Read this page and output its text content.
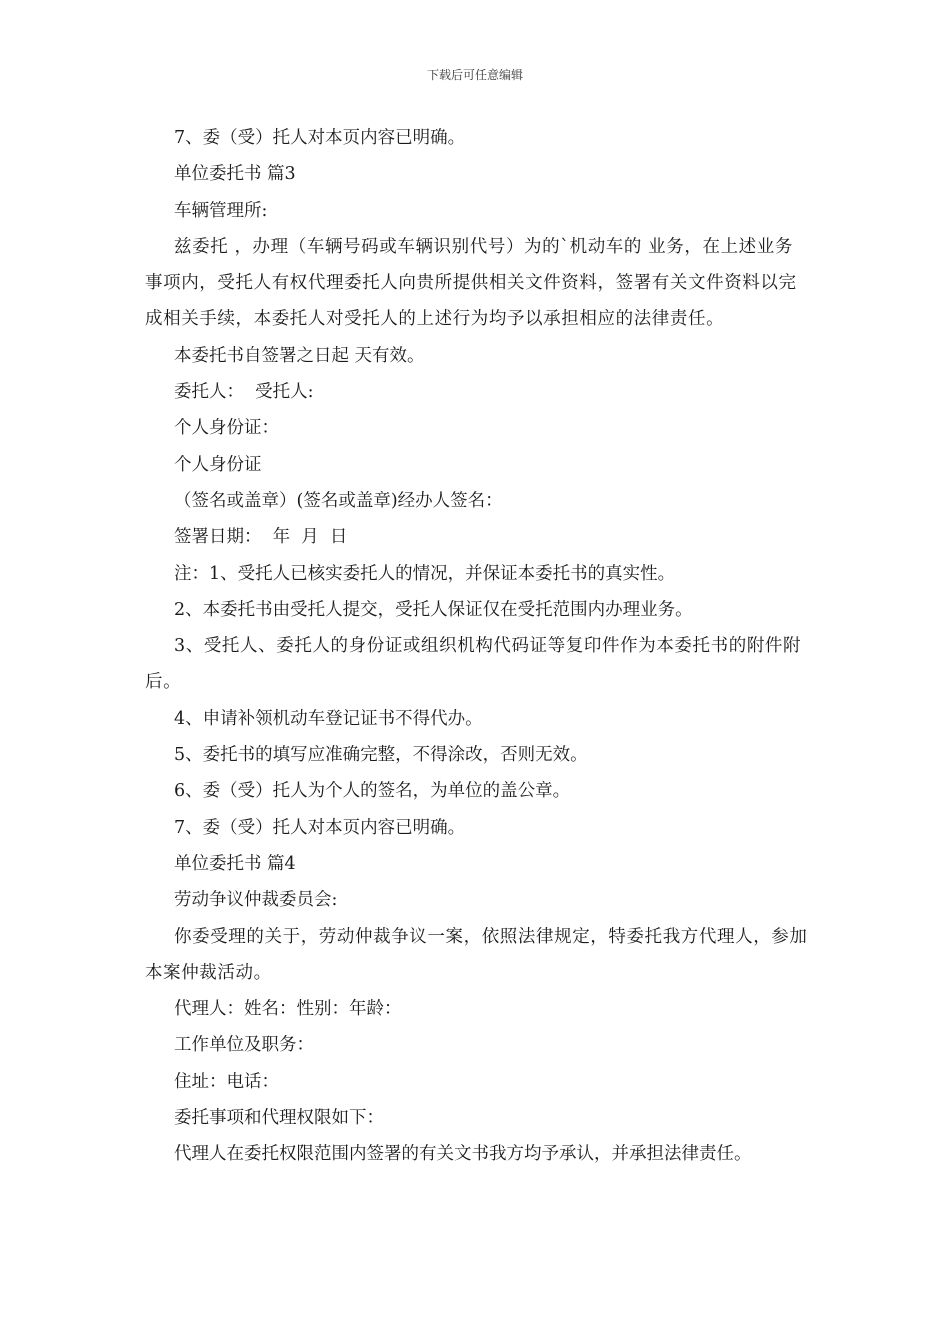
下载后可任意编辑

7、委（受）托人对本页内容已明确。

单位委托书 篇3

车辆管理所:

兹委托 ，办理（车辆号码或车辆识别代号）为的`机动车的 业务，在上述业务事项内，受托人有权代理委托人向贵所提供相关文件资料，签署有关文件资料以完成相关手续，本委托人对受托人的上述行为均予以承担相应的法律责任。

本委托书自签署之日起 天有效。

委托人：  受托人:

个人身份证：

个人身份证

（签名或盖章）(签名或盖章)经办人签名：

签署日期：  年  月  日

注：1、受托人已核实委托人的情况，并保证本委托书的真实性。

2、本委托书由受托人提交，受托人保证仅在受托范围内办理业务。

3、受托人、委托人的身份证或组织机构代码证等复印件作为本委托书的附件附后。

4、申请补领机动车登记证书不得代办。

5、委托书的填写应准确完整，不得涂改，否则无效。

6、委（受）托人为个人的签名，为单位的盖公章。

7、委（受）托人对本页内容已明确。

单位委托书 篇4

劳动争议仲裁委员会:

你委受理的关于，劳动仲裁争议一案，依照法律规定，特委托我方代理人，参加本案仲裁活动。

代理人：姓名：性别：年龄：

工作单位及职务：

住址：电话：

委托事项和代理权限如下：

代理人在委托权限范围内签署的有关文书我方均予承认，并承担法律责任。
